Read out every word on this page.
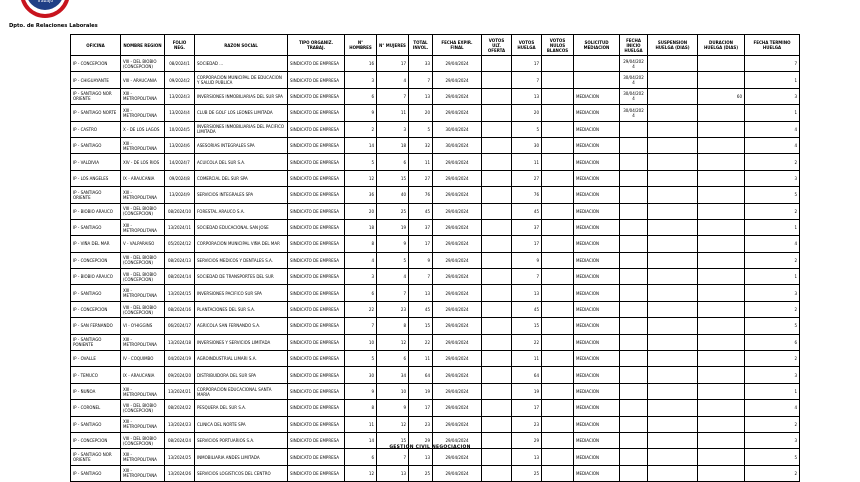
Trabajo
Dpto. de Relaciones Laborales
OFICINA	NOMBRE REGION	FOLIO NEG.	RAZON SOCIAL	TIPO ORGANIZ. TRABAJ.	N° HOMBRES	N° MUJERES	TOTAL INVOL.	FECHA EXPIR. FINAL	VOTOS ULT. OFERTA	VOTOS HUELGA	VOTOS NULOS BLANCOS	SOLICITUD MEDIACION	FECHA INICIO HUELGA	SUSPENSION HUELGA (DIAS)	DURACION HUELGA (DIAS)	FECHA TERMINO HUELGA
IP - CONCEPCION	VIII - DEL BIOBIO (CONCEPCION)	08/2024/1	SOCIEDAD ...	SINDICATO DE EMPRESA	16	17	33	29/04/2024		17			29/04/2024			7
IP - CHIGUAYANTE	VIII - ARAUCANIA	09/2024/2	CORPORACION MUNICIPAL DE EDUCACION Y SALUD PUBLICA	SINDICATO DE EMPRESA	3	4	7	29/04/2024		7			30/04/2024			1
IP - SANTIAGO NOR ORIENTE	XIII - METROPOLITANA	13/2024/3	INVERSIONES INMOBILIARIAS DEL SUR SPA	SINDICATO DE EMPRESA	6	7	13	29/04/2024		13		MEDIACION	30/04/2024		60	3
IP - SANTIAGO NORTE	XIII - METROPOLITANA	13/2024/4	CLUB DE GOLF LOS LEONES LIMITADA	SINDICATO DE EMPRESA	9	11	20	29/04/2024		20		MEDIACION	30/04/2024			1
IP - CASTRO	X - DE LOS LAGOS	10/2024/5	INVERSIONES INMOBILIARIAS DEL PACIFICO LIMITADA	SINDICATO DE EMPRESA	2	3	5	30/04/2024		5		MEDIACION				4
IP - SANTIAGO	XIII - METROPOLITANA	13/2024/6	ASESORIAS INTEGRALES SPA	SINDICATO DE EMPRESA	14	18	32	30/04/2024		30		MEDIACION				4
IP - VALDIVIA	XIV - DE LOS RIOS	14/2024/7	ACUICOLA DEL SUR S.A.	SINDICATO DE EMPRESA	5	6	11	29/04/2024		11		MEDIACION				2
IP - LOS ANGELES	IX - ARAUCANIA	09/2024/8	COMERCIAL DEL SUR SPA	SINDICATO DE EMPRESA	12	15	27	29/04/2024		27		MEDIACION				3
IP - SANTIAGO ORIENTE	XIII - METROPOLITANA	13/2024/9	SERVICIOS INTEGRALES SPA	SINDICATO DE EMPRESA	36	40	76	29/04/2024		76		MEDIACION				5
IP - BIOBIO ARAUCO	VIII - DEL BIOBIO (CONCEPCION)	08/2024/10	FORESTAL ARAUCO S.A.	SINDICATO DE EMPRESA	20	25	45	29/04/2024		45		MEDIACION				2
IP - SANTIAGO	XIII - METROPOLITANA	13/2024/11	SOCIEDAD EDUCACIONAL SAN JOSE	SINDICATO DE EMPRESA	18	19	37	29/04/2024		37		MEDIACION				1
IP - VIÑA DEL MAR	V - VALPARAISO	05/2024/12	CORPORACION MUNICIPAL VIÑA DEL MAR	SINDICATO DE EMPRESA	8	9	17	29/04/2024		17		MEDIACION				4
IP - CONCEPCION	VIII - DEL BIOBIO (CONCEPCION)	08/2024/13	SERVICIOS MEDICOS Y DENTALES S.A.	SINDICATO DE EMPRESA	4	5	9	29/04/2024		9		MEDIACION				2
IP - BIOBIO ARAUCO	VIII - DEL BIOBIO (CONCEPCION)	08/2024/14	SOCIEDAD DE TRANSPORTES DEL SUR	SINDICATO DE EMPRESA	3	4	7	29/04/2024		7		MEDIACION				1
IP - SANTIAGO	XIII - METROPOLITANA	13/2024/15	INVERSIONES PACIFICO SUR SPA	SINDICATO DE EMPRESA	6	7	13	29/04/2024		13		MEDIACION				3
IP - CONCEPCION	VIII - DEL BIOBIO (CONCEPCION)	08/2024/16	PLANTACIONES DEL SUR S.A.	SINDICATO DE EMPRESA	22	23	45	29/04/2024		45		MEDIACION				2
IP - SAN FERNANDO	VI - O'HIGGINS	06/2024/17	AGRICOLA SAN FERNANDO S.A.	SINDICATO DE EMPRESA	7	8	15	29/04/2024		15		MEDIACION				5
IP - SANTIAGO PONIENTE	XIII - METROPOLITANA	13/2024/18	INVERSIONES Y SERVICIOS LIMITADA	SINDICATO DE EMPRESA	10	12	22	29/04/2024		22		MEDIACION				6
IP - OVALLE	IV - COQUIMBO	04/2024/19	AGROINDUSTRIAL LIMARI S.A.	SINDICATO DE EMPRESA	5	6	11	29/04/2024		11		MEDIACION				2
IP - TEMUCO	IX - ARAUCANIA	09/2024/20	DISTRIBUIDORA DEL SUR SPA	SINDICATO DE EMPRESA	30	34	64	29/04/2024		64		MEDIACION				3
IP - ÑUÑOA	XIII - METROPOLITANA	13/2024/21	CORPORACION EDUCACIONAL SANTA MARIA	SINDICATO DE EMPRESA	9	10	19	29/04/2024		19		MEDIACION				1
IP - CORONEL	VIII - DEL BIOBIO (CONCEPCION)	08/2024/22	PESQUERA DEL SUR S.A.	SINDICATO DE EMPRESA	8	9	17	29/04/2024		17		MEDIACION				4
IP - SANTIAGO	XIII - METROPOLITANA	13/2024/23	CLINICA DEL NORTE SPA	SINDICATO DE EMPRESA	11	12	23	29/04/2024		23		MEDIACION				2
IP - CONCEPCION	VIII - DEL BIOBIO (CONCEPCION)	08/2024/24	SERVICIOS PORTUARIOS S.A.	SINDICATO DE EMPRESA	14	15	29	29/04/2024		29		MEDIACION				3
IP - SANTIAGO NOR ORIENTE	XIII - METROPOLITANA	13/2024/25	INMOBILIARIA ANDES LIMITADA	SINDICATO DE EMPRESA	6	7	13	29/04/2024		13		MEDIACION				5
IP - SANTIAGO	XIII - METROPOLITANA	13/2024/26	SERVICIOS LOGISTICOS DEL CENTRO	SINDICATO DE EMPRESA	12	13	25	29/04/2024		25		MEDIACION				2
GESTION CIVIL NEGOCIACION
